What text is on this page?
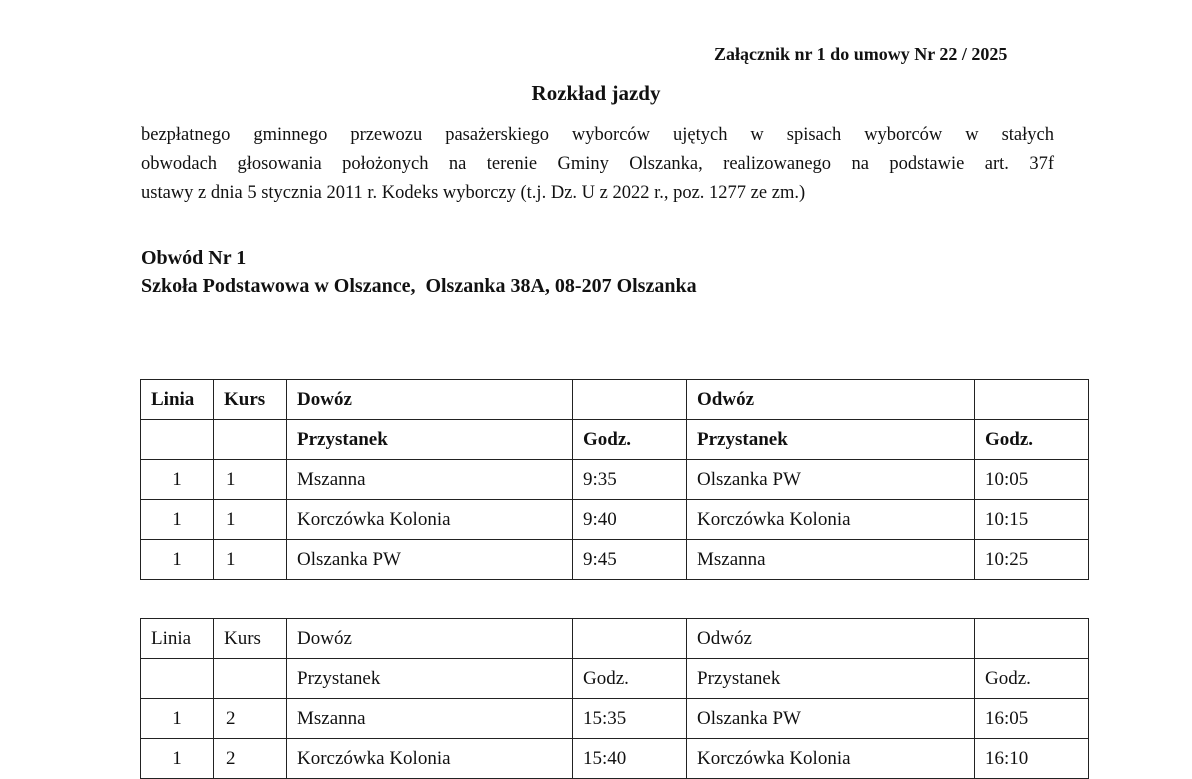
Załącznik nr 1 do umowy Nr 22 / 2025
Rozkład jazdy
bezpłatnego gminnego przewozu pasażerskiego wyborców ujętych w spisach wyborców w stałych
obwodach głosowania położonych na terenie Gminy Olszanka, realizowanego na podstawie art. 37f
ustawy z dnia 5 stycznia 2011 r. Kodeks wyborczy (t.j. Dz. U z 2022 r., poz. 1277 ze zm.)
Obwód Nr 1
Szkoła Podstawowa w Olszance,  Olszanka 38A, 08-207 Olszanka
Linia	Kurs	Dowóz		Odwóz	
		Przystanek	Godz.	Przystanek	Godz.
1	1	Mszanna	9:35	Olszanka PW	10:05
1	1	Korczówka Kolonia	9:40	Korczówka Kolonia	10:15
1	1	Olszanka PW	9:45	Mszanna	10:25
Linia	Kurs	Dowóz		Odwóz	
		Przystanek	Godz.	Przystanek	Godz.
1	2	Mszanna	15:35	Olszanka PW	16:05
1	2	Korczówka Kolonia	15:40	Korczówka Kolonia	16:10
